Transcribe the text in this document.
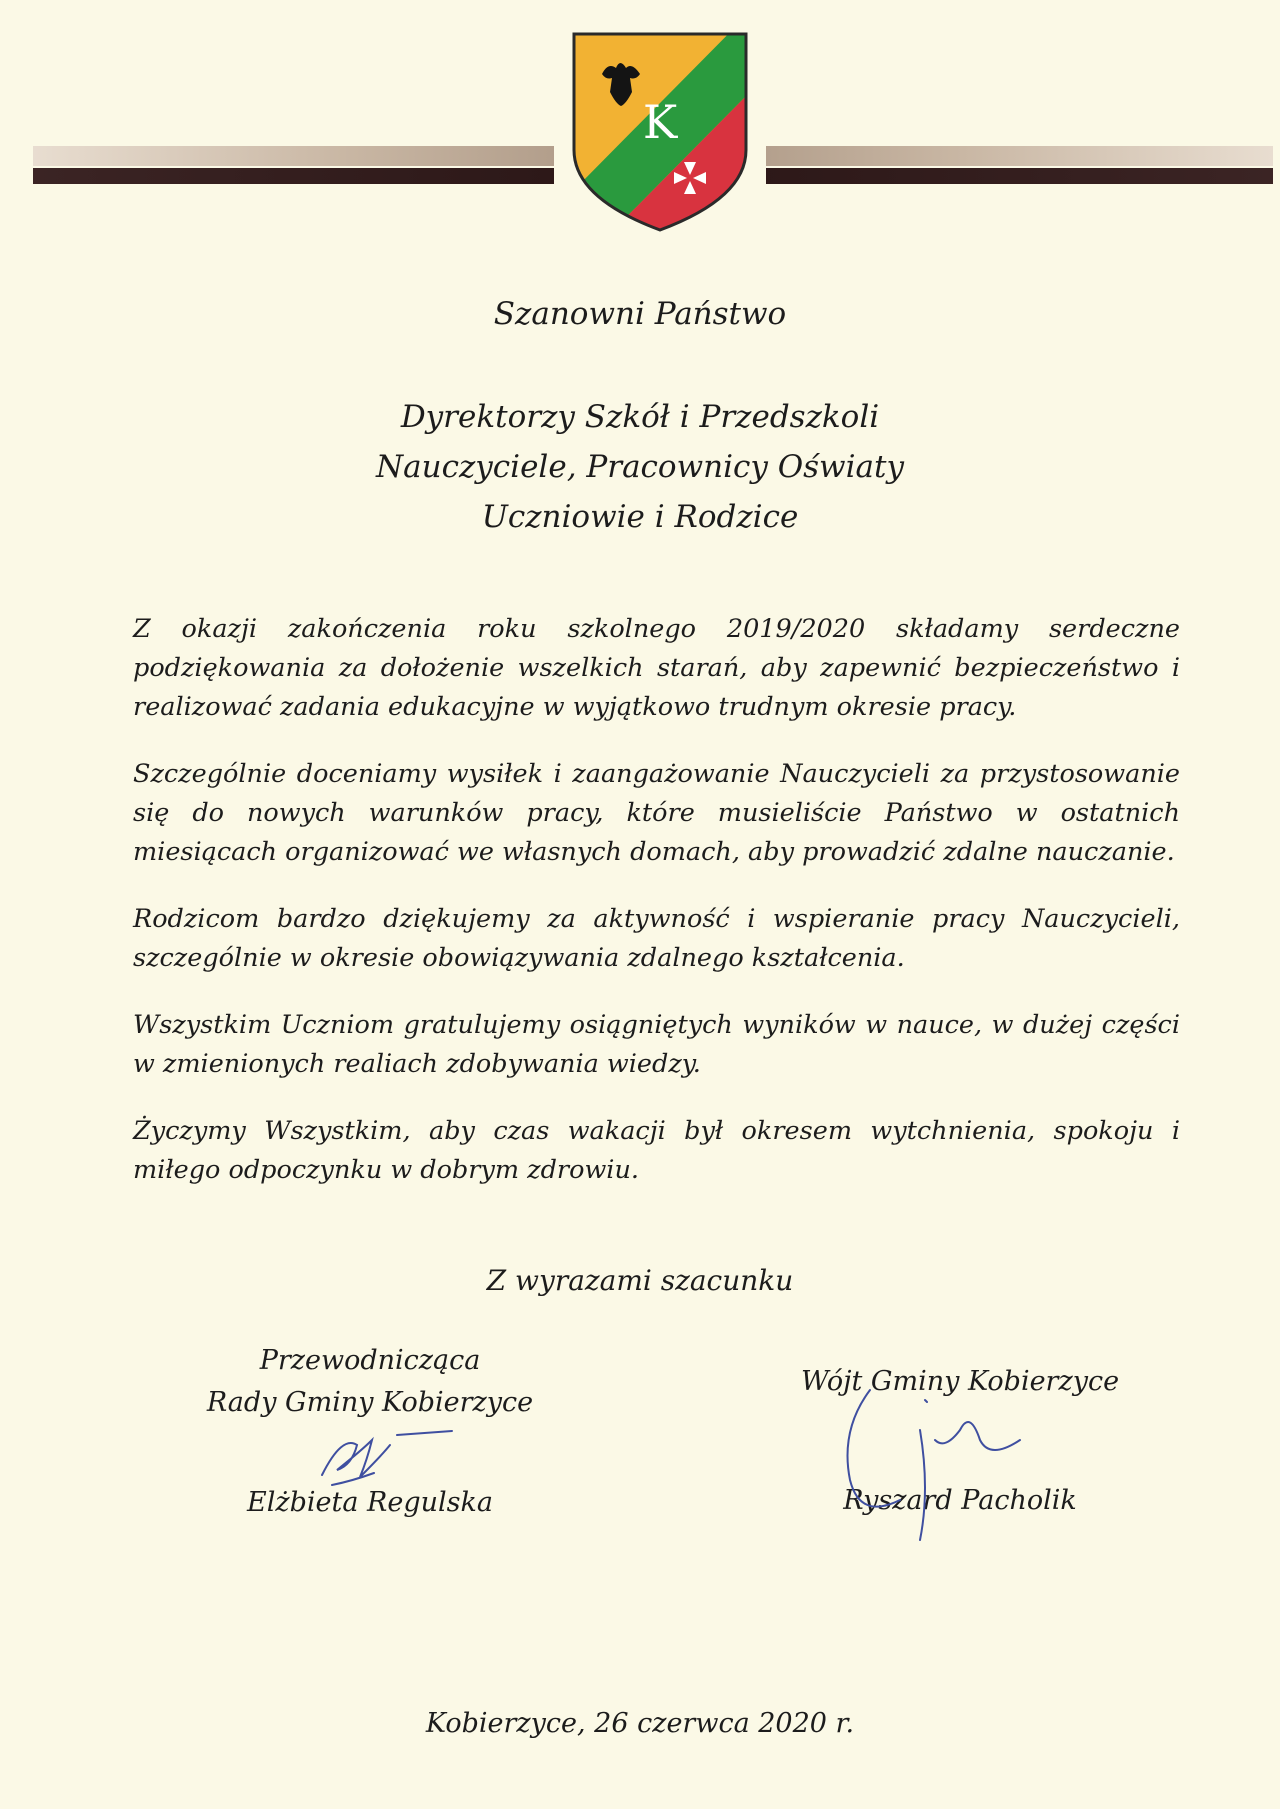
K
Szanowni Państwo
Dyrektorzy Szkół i Przedszkoli
Nauczyciele, Pracownicy Oświaty
Uczniowie i Rodzice

Z okazji zakończenia roku szkolnego 2019/2020 składamy serdeczne podziękowania za dołożenie wszelkich starań, aby zapewnić bezpieczeństwo i realizować zadania edukacyjne w wyjątkowo trudnym okresie pracy.

Szczególnie doceniamy wysiłek i zaangażowanie Nauczycieli za przystosowanie się do nowych warunków pracy, które musieliście Państwo w ostatnich miesiącach organizować we własnych domach, aby prowadzić zdalne nauczanie.

Rodzicom bardzo dziękujemy za aktywność i wspieranie pracy Nauczycieli, szczególnie w okresie obowiązywania zdalnego kształcenia.

Wszystkim Uczniom gratulujemy osiągniętych wyników w nauce, w dużej części w zmienionych realiach zdobywania wiedzy.

Życzymy Wszystkim, aby czas wakacji był okresem wytchnienia, spokoju i miłego odpoczynku w dobrym zdrowiu.

Z wyrazami szacunku
Przewodnicząca
Rady Gminy Kobierzyce
Elżbieta Regulska
Wójt Gminy Kobierzyce
Ryszard Pacholik
Kobierzyce, 26 czerwca 2020 r.
